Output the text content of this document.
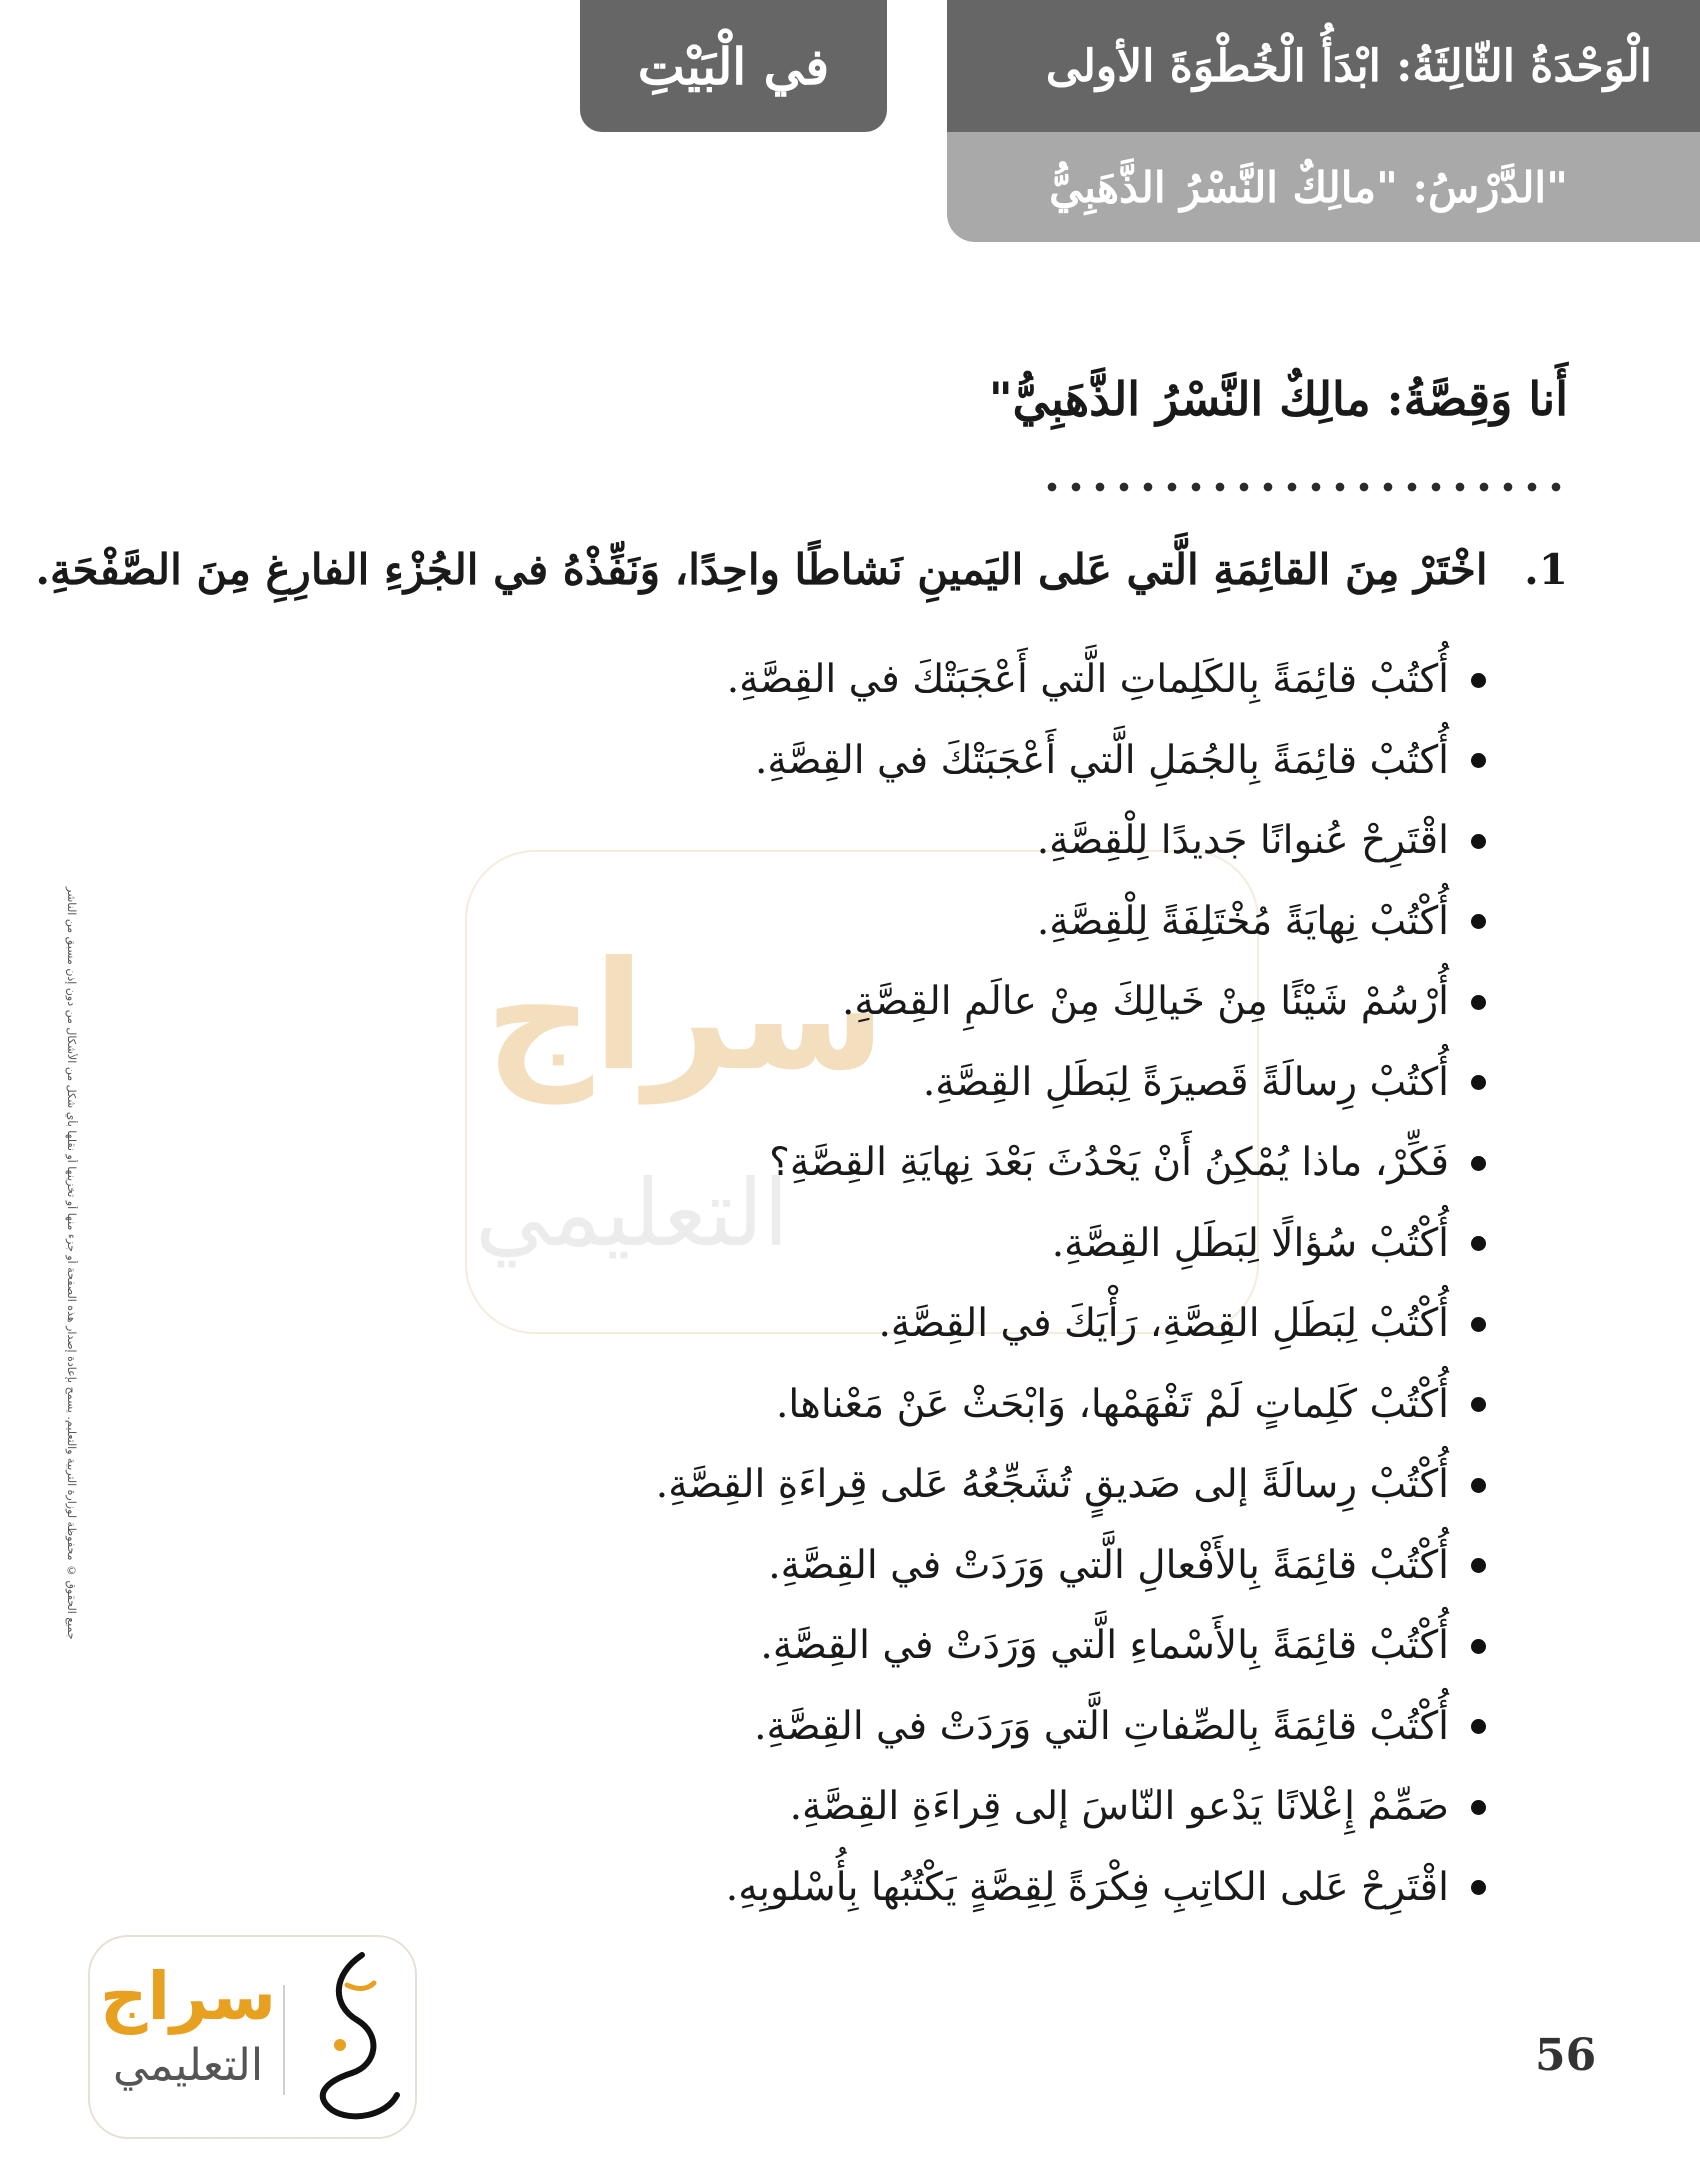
في الْبَيْتِ	الْوَحْدَةُ الثّالِثَةُ: ابْدَأُ الْخُطْوَةَ الأولى
الدَّرْسُ: "مالِكٌ النَّسْرُ الذَّهَبِيُّ"
جميع الحقوق © محفوظة لوزارة التربية والتعليم. يسمح بإعادة إصدار هذه الصفحة أو جزء منها أو تخزينها أو نقلها بأي شكل من الأشكال من دون إذن مسبق من الناشر	سراج
التعليمي
أَنا وَقِصَّةُ: مالِكٌ النَّسْرُ الذَّهَبِيُّ"
1. اخْتَرْ مِنَ القائِمَةِ الَّتي عَلى اليَمينِ نَشاطًا واحِدًا، وَنَفِّذْهُ في الجُزْءِ الفارِغِ مِنَ الصَّفْحَةِ.
أُكتُبْ قائِمَةً بِالكَلِماتِ الَّتي أَعْجَبَتْكَ في القِصَّةِ.
أُكتُبْ قائِمَةً بِالجُمَلِ الَّتي أَعْجَبَتْكَ في القِصَّةِ.
اقْتَرِحْ عُنوانًا جَديدًا لِلْقِصَّةِ.
أُكْتُبْ نِهايَةً مُخْتَلِفَةً لِلْقِصَّةِ.
أُرْسُمْ شَيْئًا مِنْ خَيالِكَ مِنْ عالَمِ القِصَّةِ.
أُكتُبْ رِسالَةً قَصيرَةً لِبَطَلِ القِصَّةِ.
فَكِّرْ، ماذا يُمْكِنُ أَنْ يَحْدُثَ بَعْدَ نِهايَةِ القِصَّةِ؟
أُكْتُبْ سُؤالًا لِبَطَلِ القِصَّةِ.
أُكْتُبْ لِبَطَلِ القِصَّةِ، رَأْيَكَ في القِصَّةِ.
أُكْتُبْ كَلِماتٍ لَمْ تَفْهَمْها، وَابْحَثْ عَنْ مَعْناها.
أُكْتُبْ رِسالَةً إلى صَديقٍ تُشَجِّعُهُ عَلى قِراءَةِ القِصَّةِ.
أُكْتُبْ قائِمَةً بِالأَفْعالِ الَّتي وَرَدَتْ في القِصَّةِ.
أُكْتُبْ قائِمَةً بِالأَسْماءِ الَّتي وَرَدَتْ في القِصَّةِ.
أُكْتُبْ قائِمَةً بِالصِّفاتِ الَّتي وَرَدَتْ في القِصَّةِ.
صَمِّمْ إِعْلانًا يَدْعو النّاسَ إلى قِراءَةِ القِصَّةِ.
اقْتَرِحْ عَلى الكاتِبِ فِكْرَةً لِقِصَّةٍ يَكْتُبُها بِأُسْلوبِهِ.
سراج
التعليمي	56
